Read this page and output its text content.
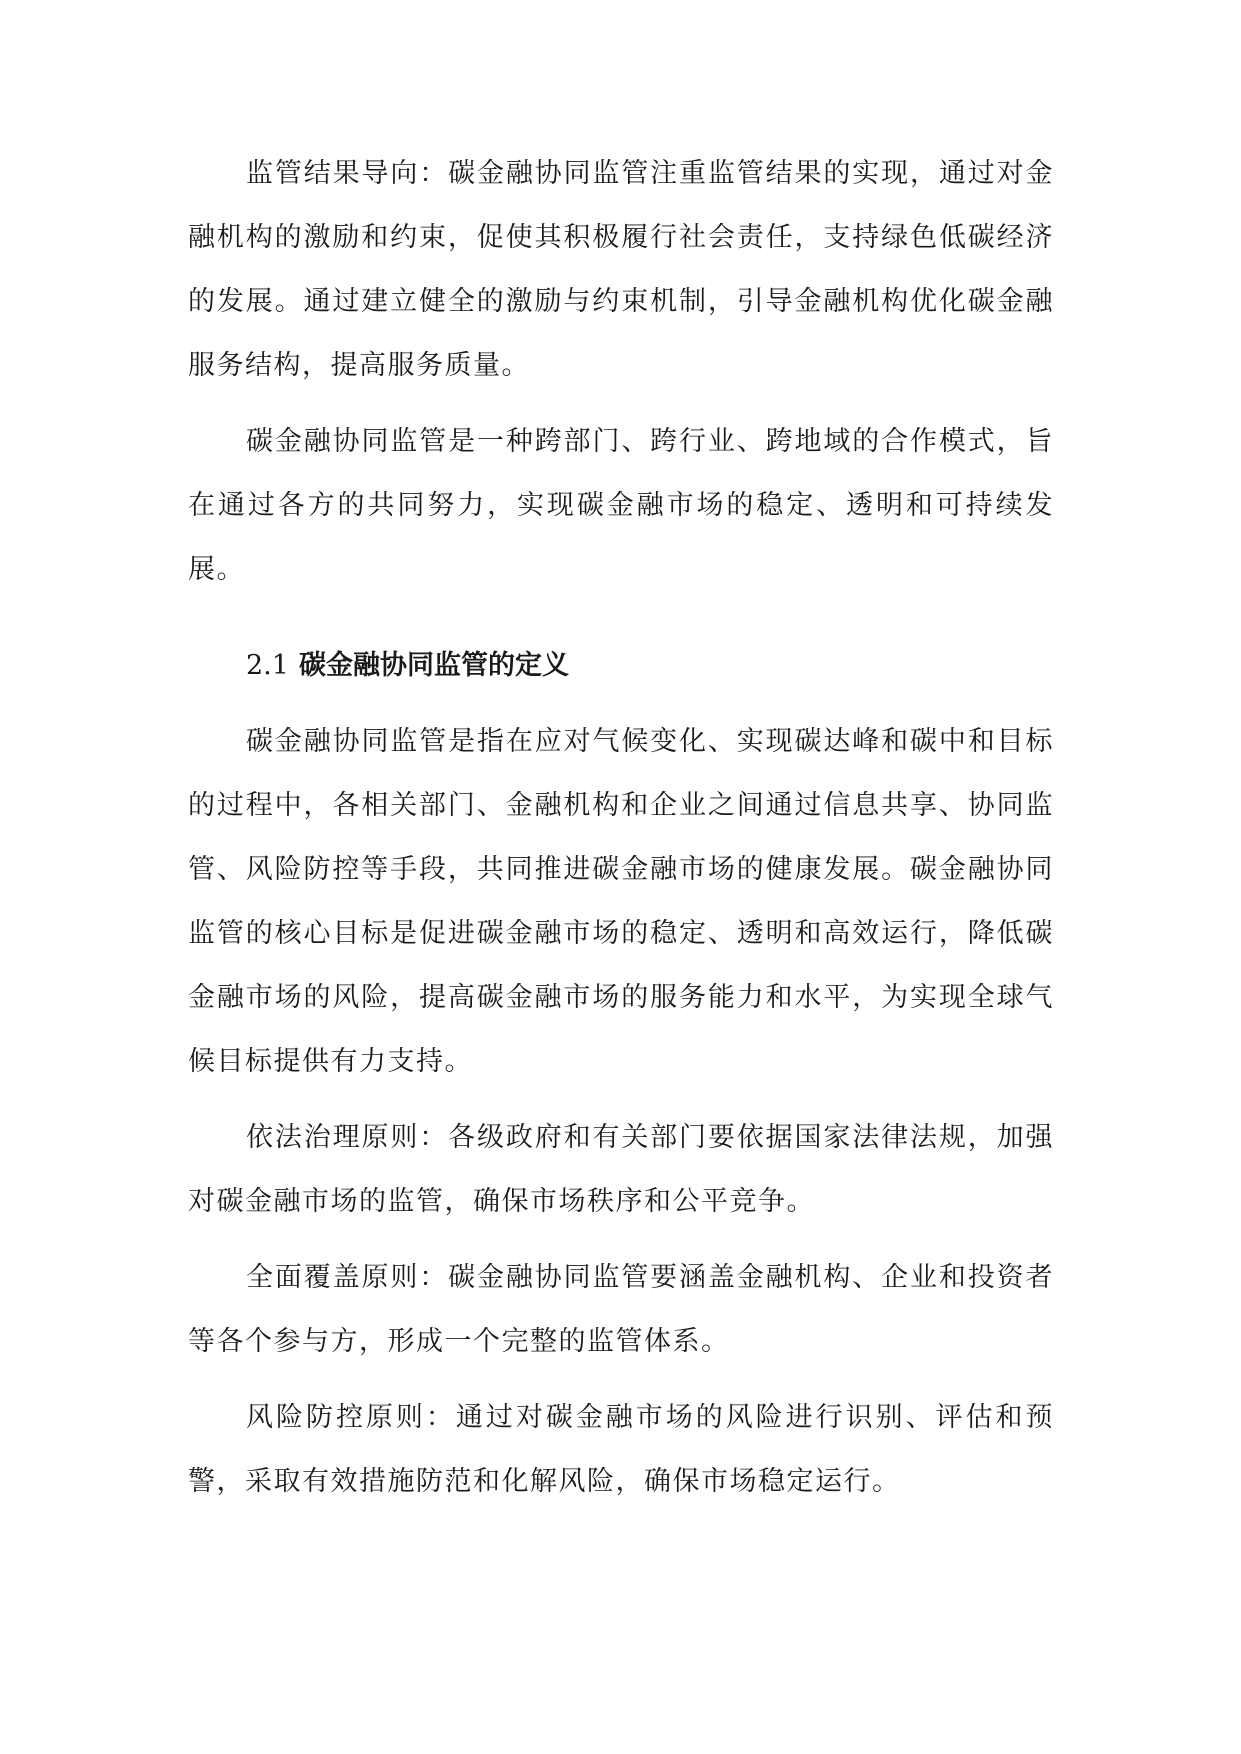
监管结果导向：碳金融协同监管注重监管结果的实现，通过对金融机构的激励和约束，促使其积极履行社会责任，支持绿色低碳经济的发展。通过建立健全的激励与约束机制，引导金融机构优化碳金融服务结构，提高服务质量。

碳金融协同监管是一种跨部门、跨行业、跨地域的合作模式，旨在通过各方的共同努力，实现碳金融市场的稳定、透明和可持续发展。

2.1 碳金融协同监管的定义

碳金融协同监管是指在应对气候变化、实现碳达峰和碳中和目标的过程中，各相关部门、金融机构和企业之间通过信息共享、协同监管、风险防控等手段，共同推进碳金融市场的健康发展。碳金融协同监管的核心目标是促进碳金融市场的稳定、透明和高效运行，降低碳金融市场的风险，提高碳金融市场的服务能力和水平，为实现全球气候目标提供有力支持。

依法治理原则：各级政府和有关部门要依据国家法律法规，加强对碳金融市场的监管，确保市场秩序和公平竞争。

全面覆盖原则：碳金融协同监管要涵盖金融机构、企业和投资者等各个参与方，形成一个完整的监管体系。

风险防控原则：通过对碳金融市场的风险进行识别、评估和预警，采取有效措施防范和化解风险，确保市场稳定运行。
